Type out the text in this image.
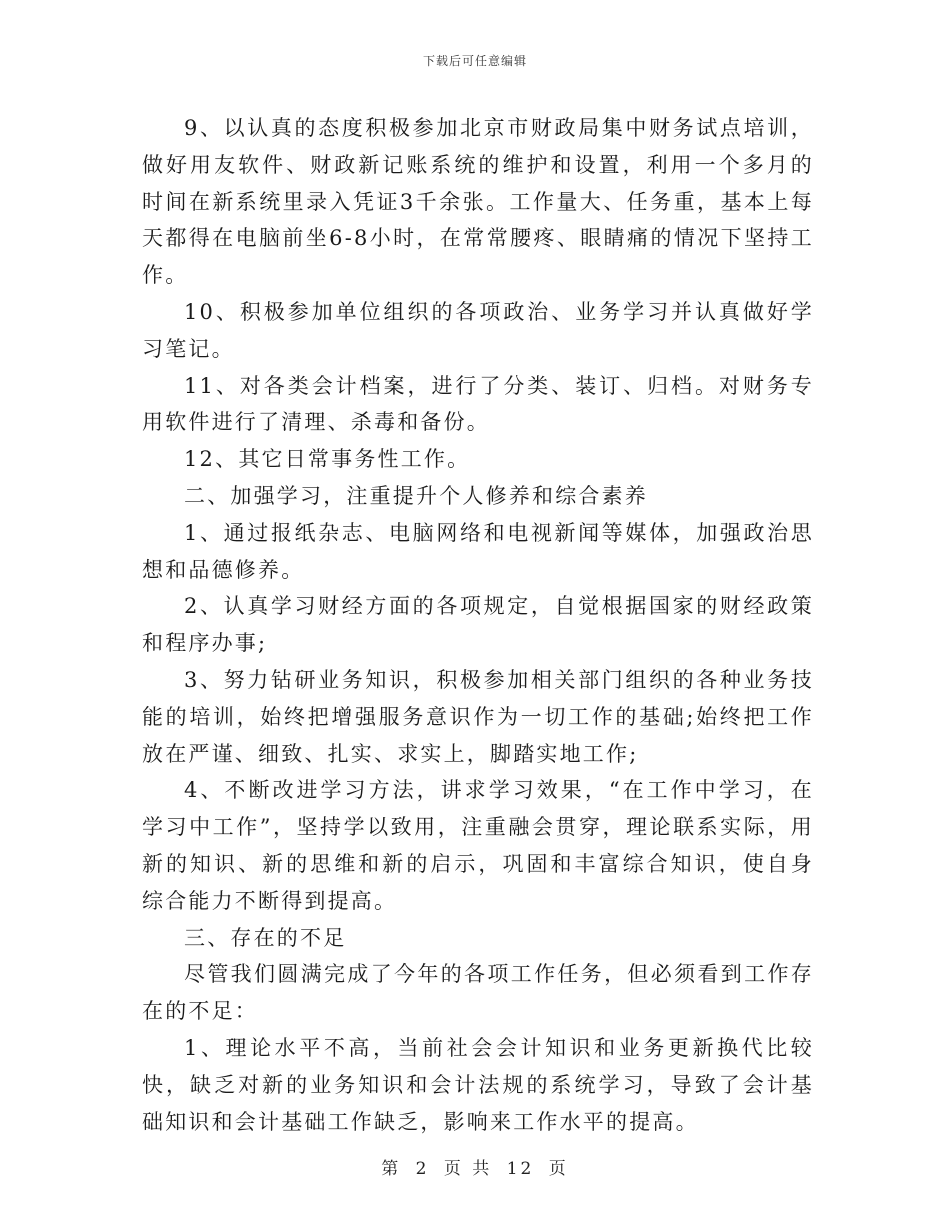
下载后可任意编辑

9、以认真的态度积极参加北京市财政局集中财务试点培训，做好用友软件、财政新记账系统的维护和设置，利用一个多月的时间在新系统里录入凭证3千余张。工作量大、任务重，基本上每天都得在电脑前坐6-8小时，在常常腰疼、眼睛痛的情况下坚持工作。

10、积极参加单位组织的各项政治、业务学习并认真做好学习笔记。

11、对各类会计档案，进行了分类、装订、归档。对财务专用软件进行了清理、杀毒和备份。

12、其它日常事务性工作。

二、加强学习，注重提升个人修养和综合素养

1、通过报纸杂志、电脑网络和电视新闻等媒体，加强政治思想和品德修养。

2、认真学习财经方面的各项规定，自觉根据国家的财经政策和程序办事;

3、努力钻研业务知识，积极参加相关部门组织的各种业务技能的培训，始终把增强服务意识作为一切工作的基础;始终把工作放在严谨、细致、扎实、求实上，脚踏实地工作;

4、不断改进学习方法，讲求学习效果，“在工作中学习，在学习中工作”，坚持学以致用，注重融会贯穿，理论联系实际，用新的知识、新的思维和新的启示，巩固和丰富综合知识，使自身综合能力不断得到提高。

三、存在的不足

尽管我们圆满完成了今年的各项工作任务，但必须看到工作存在的不足：

1、理论水平不高，当前社会会计知识和业务更新换代比较快，缺乏对新的业务知识和会计法规的系统学习，导致了会计基础知识和会计基础工作缺乏，影响来工作水平的提高。

第 2 页 共 12 页
